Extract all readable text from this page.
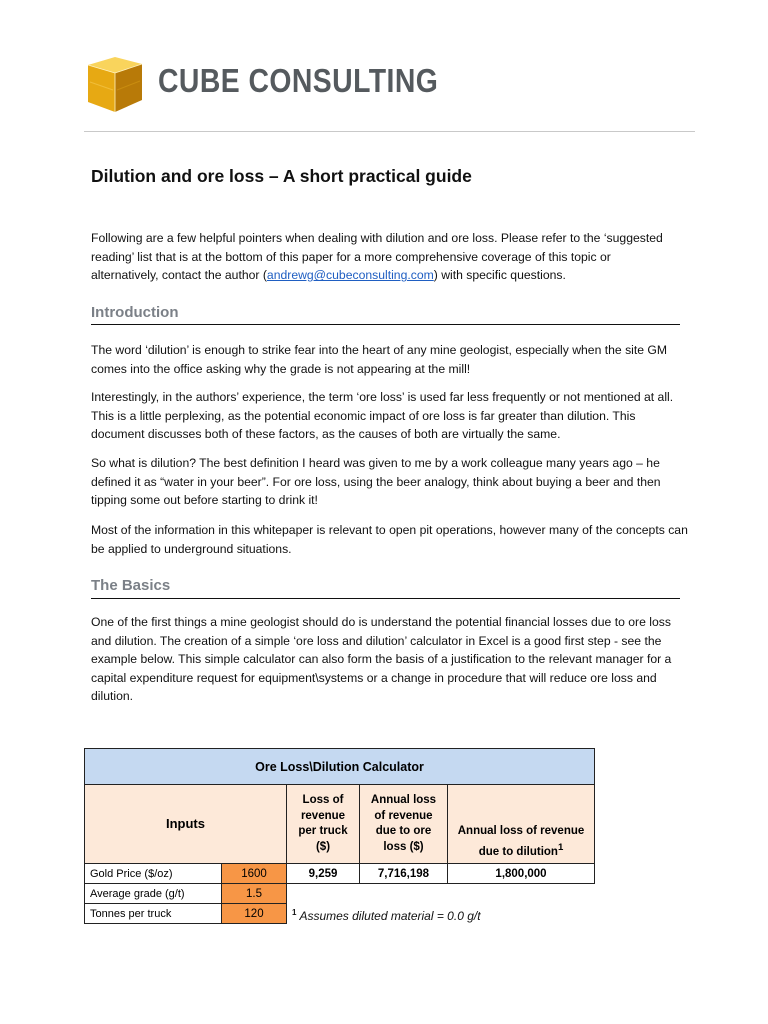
CUBE CONSULTING
Dilution and ore loss – A short practical guide
Following are a few helpful pointers when dealing with dilution and ore loss. Please refer to the ‘suggested reading’ list that is at the bottom of this paper for a more comprehensive coverage of this topic or alternatively, contact the author (andrewg@cubeconsulting.com) with specific questions.
Introduction
The word ‘dilution’ is enough to strike fear into the heart of any mine geologist, especially when the site GM comes into the office asking why the grade is not appearing at the mill!
Interestingly, in the authors’ experience, the term ‘ore loss’ is used far less frequently or not mentioned at all. This is a little perplexing, as the potential economic impact of ore loss is far greater than dilution. This document discusses both of these factors, as the causes of both are virtually the same.
So what is dilution? The best definition I heard was given to me by a work colleague many years ago – he defined it as “water in your beer”. For ore loss, using the beer analogy, think about buying a beer and then tipping some out before starting to drink it!
Most of the information in this whitepaper is relevant to open pit operations, however many of the concepts can be applied to underground situations.
The Basics
One of the first things a mine geologist should do is understand the potential financial losses due to ore loss and dilution. The creation of a simple ‘ore loss and dilution’ calculator in Excel is a good first step - see the example below. This simple calculator can also form the basis of a justification to the relevant manager for a capital expenditure request for equipment\systems or a change in procedure that will reduce ore loss and dilution.
Ore Loss\Dilution Calculator				
Inputs		Loss of revenue per truck ($)	Annual loss of revenue due to ore loss ($)	Annual loss of revenue due to dilution$^1$
Gold Price ($/oz)	1600	9,259	7,716,198	1,800,000
Average grade (g/t)	1.5			
Tonnes per truck	120				$^1$ Assumes diluted material = 0.0 g/t
